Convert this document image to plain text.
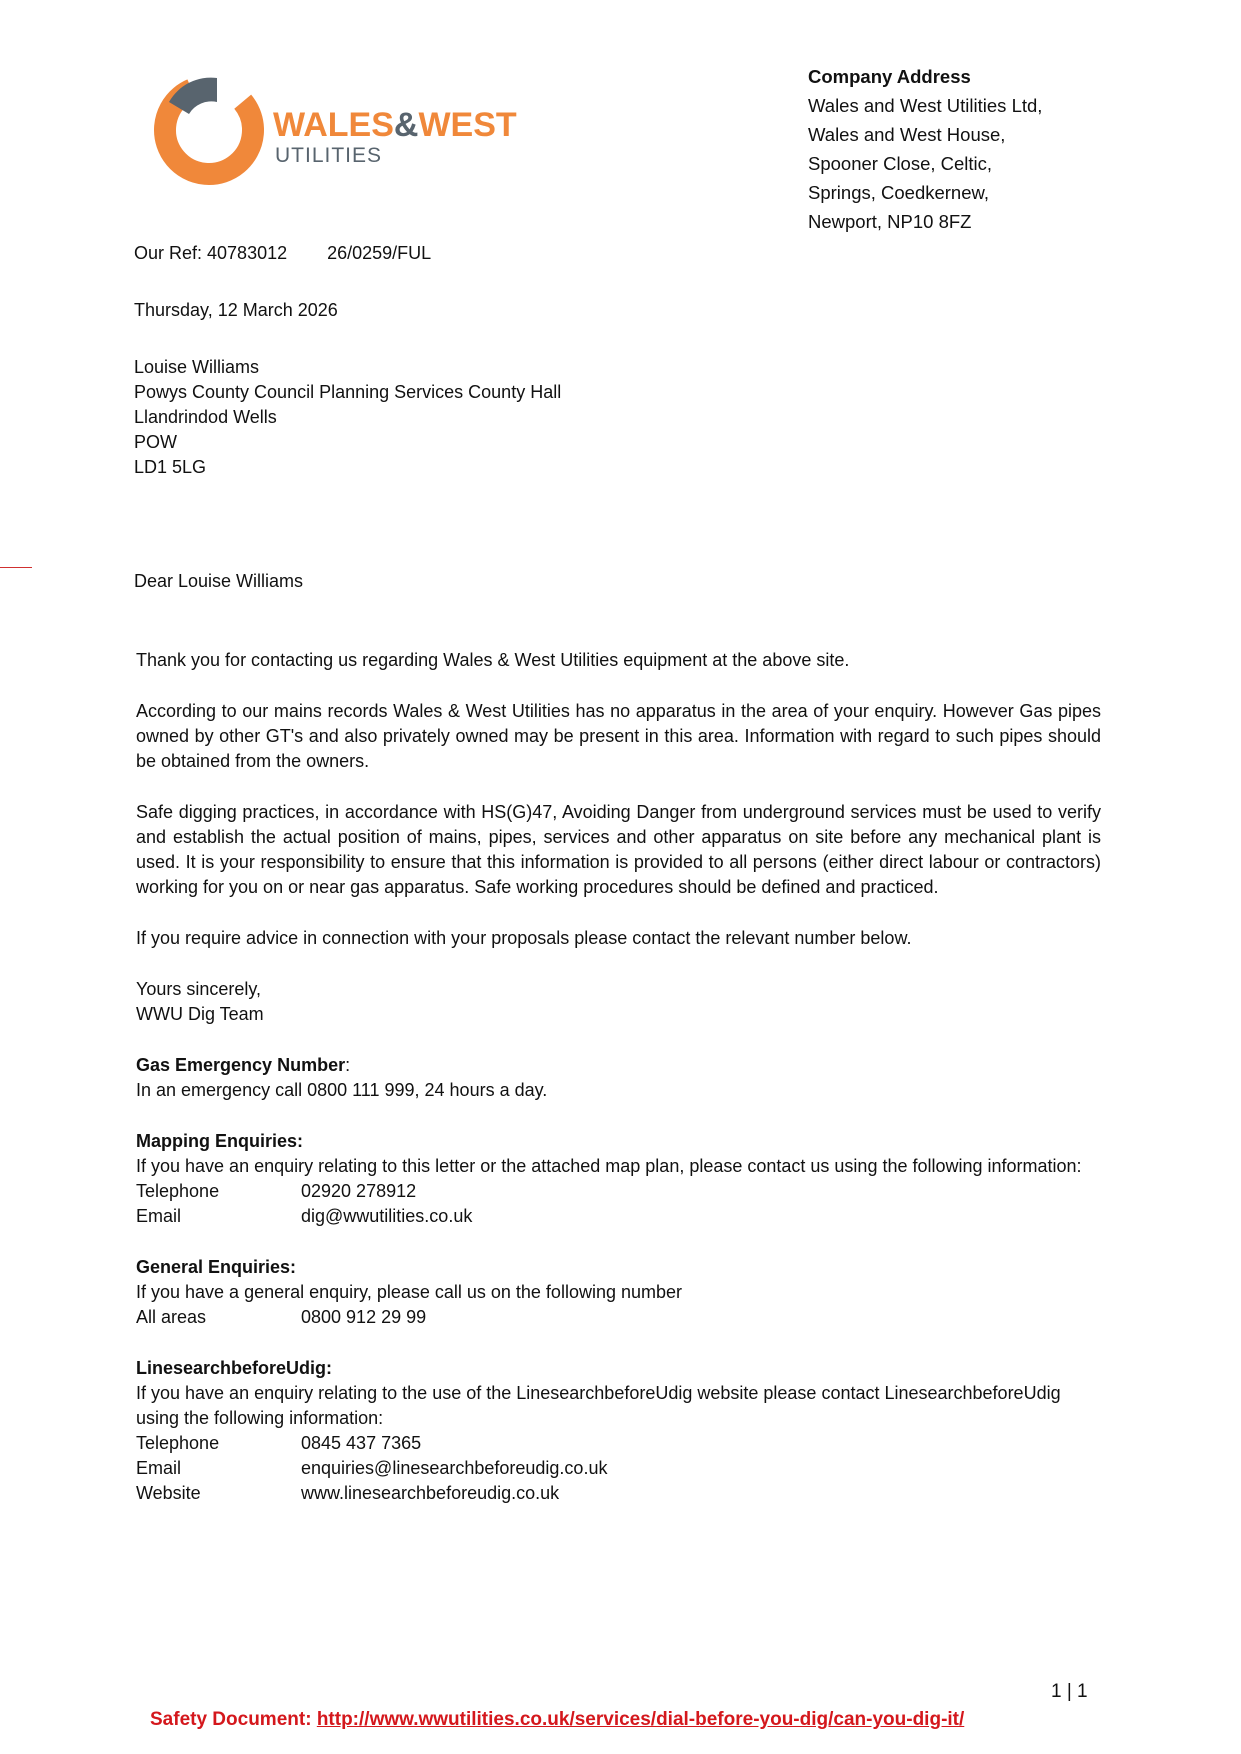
WALES&WEST
UTILITIES
Company Address
Wales and West Utilities Ltd,
Wales and West House,
Spooner Close, Celtic,
Springs, Coedkernew,
Newport, NP10 8FZ
Our Ref: 40783012 26/0259/FUL
Thursday, 12 March 2026
Louise Williams
Powys County Council Planning Services County Hall
Llandrindod Wells
POW
LD1 5LG
Dear Louise Williams

Thank you for contacting us regarding Wales & West Utilities equipment at the above site.

According to our mains records Wales & West Utilities has no apparatus in the area of your enquiry. However Gas pipes owned by other GT's and also privately owned may be present in this area. Information with regard to such pipes should be obtained from the owners.

Safe digging practices, in accordance with HS(G)47, Avoiding Danger from underground services must be used to verify and establish the actual position of mains, pipes, services and other apparatus on site before any mechanical plant is used. It is your responsibility to ensure that this information is provided to all persons (either direct labour or contractors) working for you on or near gas apparatus. Safe working procedures should be defined and practiced.

If you require advice in connection with your proposals please contact the relevant number below.

Yours sincerely,
WWU Dig Team
Gas Emergency Number:
In an emergency call 0800 111 999, 24 hours a day.
Mapping Enquiries:
If you have an enquiry relating to this letter or the attached map plan, please contact us using the following information:
Telephone	02920 278912
Email	dig@wwutilities.co.uk
General Enquiries:
If you have a general enquiry, please call us on the following number
All areas	0800 912 29 99
LinesearchbeforeUdig:
If you have an enquiry relating to the use of the LinesearchbeforeUdig website please contact LinesearchbeforeUdig using the following information:
Telephone	0845 437 7365
Email	enquiries@linesearchbeforeudig.co.uk
Website	www.linesearchbeforeudig.co.uk
1 | 1
Safety Document: http://www.wwutilities.co.uk/services/dial-before-you-dig/can-you-dig-it/
